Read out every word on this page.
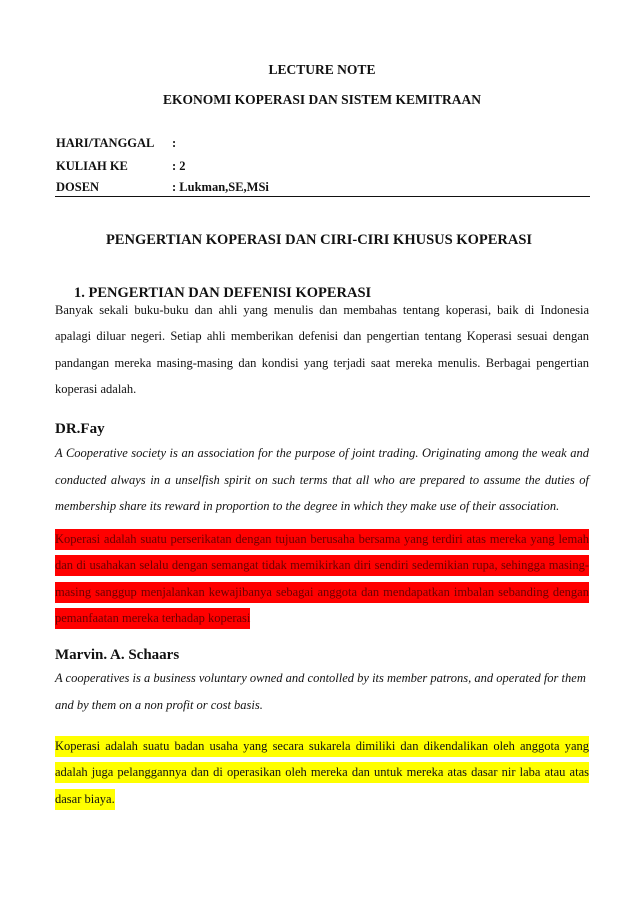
LECTURE NOTE
EKONOMI KOPERASI DAN SISTEM KEMITRAAN
HARI/TANGGAL	:
KULIAH KE	: 2
DOSEN	: Lukman,SE,MSi
PENGERTIAN KOPERASI DAN CIRI-CIRI KHUSUS KOPERASI
1. PENGERTIAN DAN DEFENISI KOPERASI
Banyak sekali buku-buku dan ahli yang menulis dan membahas tentang koperasi, baik di Indonesia apalagi diluar negeri. Setiap ahli memberikan defenisi dan pengertian tentang Koperasi sesuai dengan pandangan mereka masing-masing dan kondisi yang terjadi saat mereka menulis. Berbagai pengertian koperasi adalah.
DR.Fay
A Cooperative society is an association for the purpose of joint trading. Originating among the weak and conducted always in a unselfish spirit on such terms that all who are prepared to assume the duties of membership share its reward in proportion to the degree in which they make use of their association.
Koperasi adalah suatu perserikatan dengan tujuan berusaha bersama yang terdiri atas mereka yang lemah dan di usahakan selalu dengan semangat tidak memikirkan diri sendiri sedemikian rupa, sehingga masing-masing sanggup menjalankan kewajibanya sebagai anggota dan mendapatkan imbalan sebanding dengan pemanfaatan mereka terhadap koperasi
Marvin. A. Schaars
A cooperatives is a business voluntary owned and contolled by its member patrons, and operated for them and by them on a non profit or cost basis.
Koperasi adalah suatu badan usaha yang secara sukarela dimiliki dan dikendalikan oleh anggota yang adalah juga pelanggannya dan di operasikan oleh mereka dan untuk mereka atas dasar nir laba atau atas dasar biaya.
